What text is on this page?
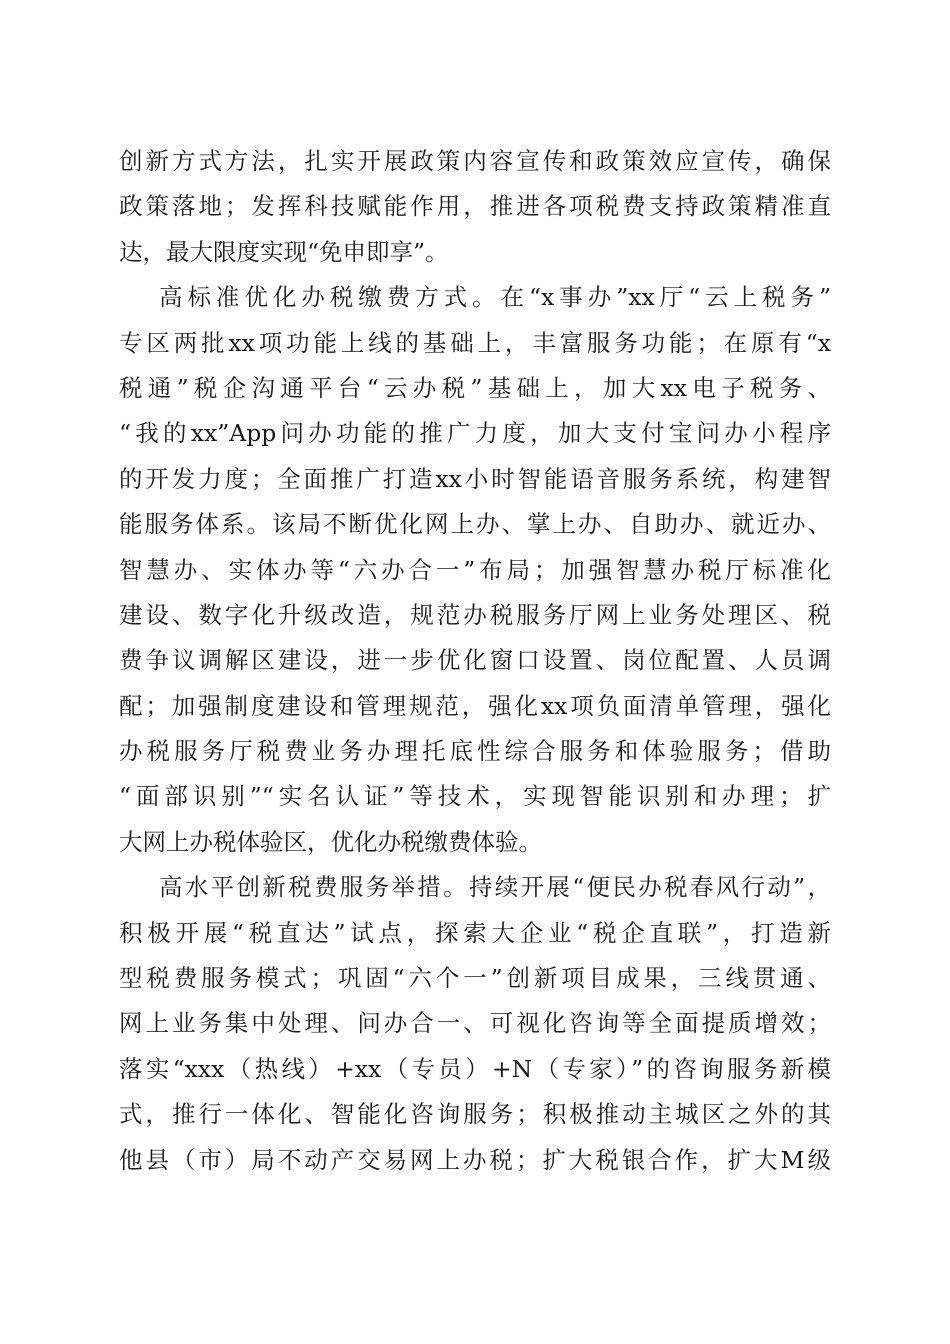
创新方式方法，扎实开展政策内容宣传和政策效应宣传，确保
政策落地；发挥科技赋能作用，推进各项税费支持政策精准直
达，最大限度实现“免申即享”。
高标准优化办税缴费方式。在“x事办”xx厅“云上税务”
专区两批xx项功能上线的基础上，丰富服务功能；在原有“x
税通”税企沟通平台“云办税”基础上，加大xx电子税务、
“我的xx”App问办功能的推广力度，加大支付宝问办小程序
的开发力度；全面推广打造xx小时智能语音服务系统，构建智
能服务体系。该局不断优化网上办、掌上办、自助办、就近办、
智慧办、实体办等“六办合一”布局；加强智慧办税厅标准化
建设、数字化升级改造，规范办税服务厅网上业务处理区、税
费争议调解区建设，进一步优化窗口设置、岗位配置、人员调
配；加强制度建设和管理规范，强化xx项负面清单管理，强化
办税服务厅税费业务办理托底性综合服务和体验服务；借助
“面部识别”“实名认证”等技术，实现智能识别和办理；扩
大网上办税体验区，优化办税缴费体验。
高水平创新税费服务举措。持续开展“便民办税春风行动”，
积极开展“税直达”试点，探索大企业“税企直联”，打造新
型税费服务模式；巩固“六个一”创新项目成果，三线贯通、
网上业务集中处理、问办合一、可视化咨询等全面提质增效；
落实“xxx（热线）+xx（专员）+N（专家）”的咨询服务新模
式，推行一体化、智能化咨询服务；积极推动主城区之外的其
他县（市）局不动产交易网上办税；扩大税银合作，扩大M级
